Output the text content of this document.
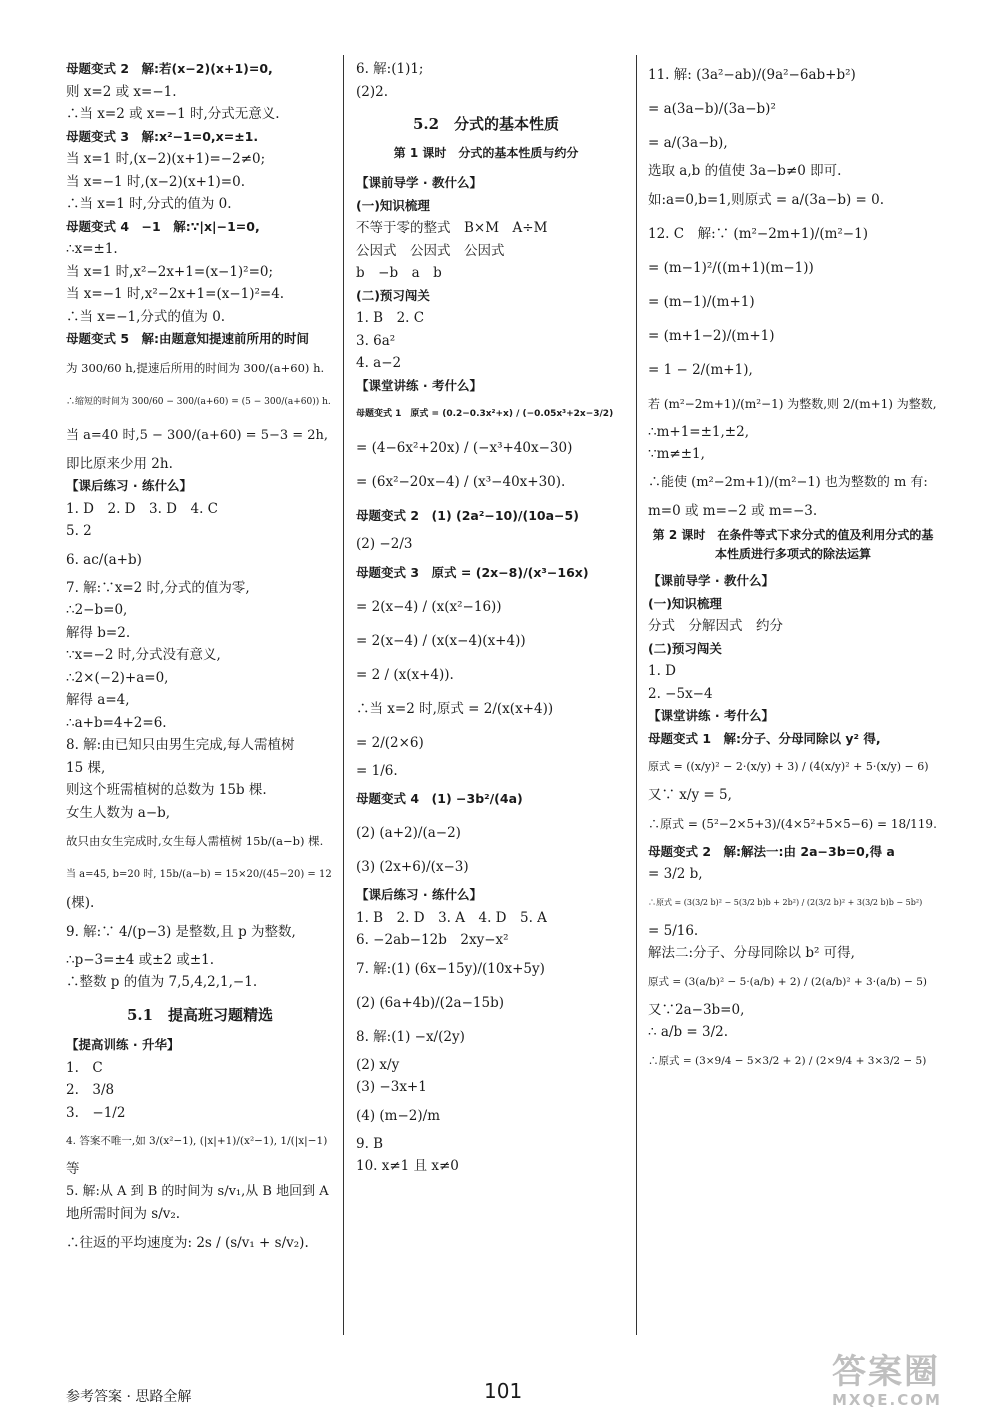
母题变式 2　解:若(x−2)(x+1)=0,
则 x=2 或 x=−1.
∴当 x=2 或 x=−1 时,分式无意义.
母题变式 3　解:x²−1=0,x=±1.
当 x=1 时,(x−2)(x+1)=−2≠0;
当 x=−1 时,(x−2)(x+1)=0.
∴当 x=1 时,分式的值为 0.
母题变式 4　−1　解:∵|x|−1=0,
∴x=±1.
当 x=1 时,x²−2x+1=(x−1)²=0;
当 x=−1 时,x²−2x+1=(x−1)²=4.
∴当 x=−1,分式的值为 0.
母题变式 5　解:由题意知提速前所用的时间
为 300/60 h,提速后所用的时间为 300/(a+60) h.
∴缩短的时间为 300/60 − 300/(a+60) = (5 − 300/(a+60)) h.
当 a=40 时,5 − 300/(a+60) = 5−3 = 2h,
即比原来少用 2h.
【课后练习 · 练什么】
1. D　2. D　3. D　4. C
5. 2
6. ac/(a+b)
7. 解:∵x=2 时,分式的值为零,
∴2−b=0,
解得 b=2.
∵x=−2 时,分式没有意义,
∴2×(−2)+a=0,
解得 a=4,
∴a+b=4+2=6.
8. 解:由已知只由男生完成,每人需植树
15 棵,
则这个班需植树的总数为 15b 棵.
女生人数为 a−b,
故只由女生完成时,女生每人需植树 15b/(a−b) 棵.
当 a=45, b=20 时, 15b/(a−b) = 15×20/(45−20) = 12
(棵).
9. 解:∵ 4/(p−3) 是整数,且 p 为整数,
∴p−3=±4 或±2 或±1.
∴整数 p 的值为 7,5,4,2,1,−1.
5.1　提高班习题精选
【提高训练 · 升华】
1.　C
2.　3/8
3.　−1/2
4. 答案不唯一,如 3/(x²−1), (|x|+1)/(x²−1), 1/(|x|−1)
等
5. 解:从 A 到 B 的时间为 s/v₁,从 B 地回到 A
地所需时间为 s/v₂.
∴往返的平均速度为: 2s / (s/v₁ + s/v₂).
6. 解:(1)1;
(2)2.
5.2　分式的基本性质
第 1 课时　分式的基本性质与约分
【课前导学 · 教什么】
(一)知识梳理
不等于零的整式　B×M　A÷M
公因式　公因式　公因式
b　−b　a　b
(二)预习闯关
1. B　2. C
3. 6a²
4. a−2
【课堂讲练 · 考什么】
母题变式 1　原式 = (0.2−0.3x²+x) / (−0.05x³+2x−3/2)
= (4−6x²+20x) / (−x³+40x−30)
= (6x²−20x−4) / (x³−40x+30).
母题变式 2　(1) (2a²−10)/(10a−5)
(2) −2/3
母题变式 3　原式 = (2x−8)/(x³−16x)
= 2(x−4) / (x(x²−16))
= 2(x−4) / (x(x−4)(x+4))
= 2 / (x(x+4)).
∴当 x=2 时,原式 = 2/(x(x+4))
= 2/(2×6)
= 1/6.
母题变式 4　(1) −3b²/(4a)
(2) (a+2)/(a−2)
(3) (2x+6)/(x−3)
【课后练习 · 练什么】
1. B　2. D　3. A　4. D　5. A
6. −2ab−12b　2xy−x²
7. 解:(1) (6x−15y)/(10x+5y)
(2) (6a+4b)/(2a−15b)
8. 解:(1) −x/(2y)
(2) x/y
(3) −3x+1
(4) (m−2)/m
9. B
10. x≠1 且 x≠0
11. 解: (3a²−ab)/(9a²−6ab+b²)
= a(3a−b)/(3a−b)²
= a/(3a−b),
选取 a,b 的值使 3a−b≠0 即可.
如:a=0,b=1,则原式 = a/(3a−b) = 0.
12. C　解:∵ (m²−2m+1)/(m²−1)
= (m−1)²/((m+1)(m−1))
= (m−1)/(m+1)
= (m+1−2)/(m+1)
= 1 − 2/(m+1),
若 (m²−2m+1)/(m²−1) 为整数,则 2/(m+1) 为整数,
∴m+1=±1,±2,
∵m≠±1,
∴能使 (m²−2m+1)/(m²−1) 也为整数的 m 有:
m=0 或 m=−2 或 m=−3.
第 2 课时　在条件等式下求分式的值及利用分式的基本性质进行多项式的除法运算
【课前导学 · 教什么】
(一)知识梳理
分式　分解因式　约分
(二)预习闯关
1. D
2. −5x−4
【课堂讲练 · 考什么】
母题变式 1　解:分子、分母同除以 y² 得,
原式 = ((x/y)² − 2·(x/y) + 3) / (4(x/y)² + 5·(x/y) − 6)
又∵ x/y = 5,
∴原式 = (5²−2×5+3)/(4×5²+5×5−6) = 18/119.
母题变式 2　解:解法一:由 2a−3b=0,得 a
= 3/2 b,
∴原式 = (3(3/2 b)² − 5(3/2 b)b + 2b²) / (2(3/2 b)² + 3(3/2 b)b − 5b²)
= 5/16.
解法二:分子、分母同除以 b² 可得,
原式 = (3(a/b)² − 5·(a/b) + 2) / (2(a/b)² + 3·(a/b) − 5)
又∵2a−3b=0,
∴ a/b = 3/2.
∴原式 = (3×9/4 − 5×3/2 + 2) / (2×9/4 + 3×3/2 − 5)
参考答案 · 思路全解	101	答案圈
MXQE.COM
